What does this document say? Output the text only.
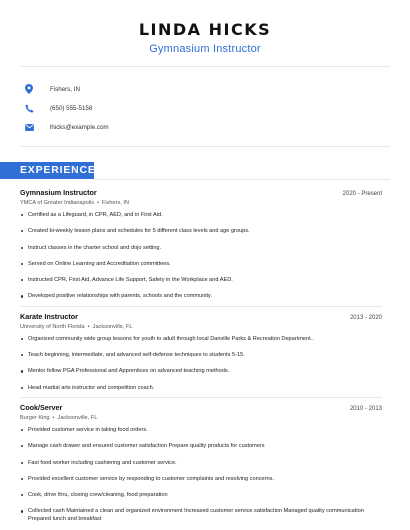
LINDA HICKS
Gymnasium Instructor
Fishers, IN
(650) 555-5158
lhicks@example.com
EXPERIENCE
Gymnasium Instructor	2020 - Present
YMCA of Greater Indianapolis • Fishers, IN
Certified as a Lifeguard, in CPR, AED, and in First Aid.
Created bi-weekly lesson plans and schedules for 5 different class levels and age groups.
Instruct classes in the charter school and dojo setting.
Served on Online Learning and Accreditation committees.
Instructed CPR, First Aid, Advance Life Support, Safety in the Workplace and AED.
Developed positive relationships with parents, schools and the community.
Karate Instructor	2013 - 2020
University of North Florida • Jacksonville, FL
Organized community wide group lessons for youth to adult through local Danville Parks & Recreation Department..
Teach beginning, intermediate, and advanced self-defense techniques to students 5-15.
Mentor fellow PGA Professional and Apprentices on advanced teaching methods.
Head martial arts instructor and competition coach.
Cook/Server	2010 - 2013
Burger King • Jacksonville, FL
Provided customer service in taking food orders.
Manage cash drawer and ensured customer satisfaction Prepare quality products for customers
Fast food worker including cashiering and customer service.
Provided excellent customer service by responding to customer complaints and resolving concerns.
Cook, drive thru, closing crew/cleaning, food preparation
Collected cash Maintained a clean and organized environment Increased customer service satisfaction Managed quality communication Prepared lunch and breakfast
